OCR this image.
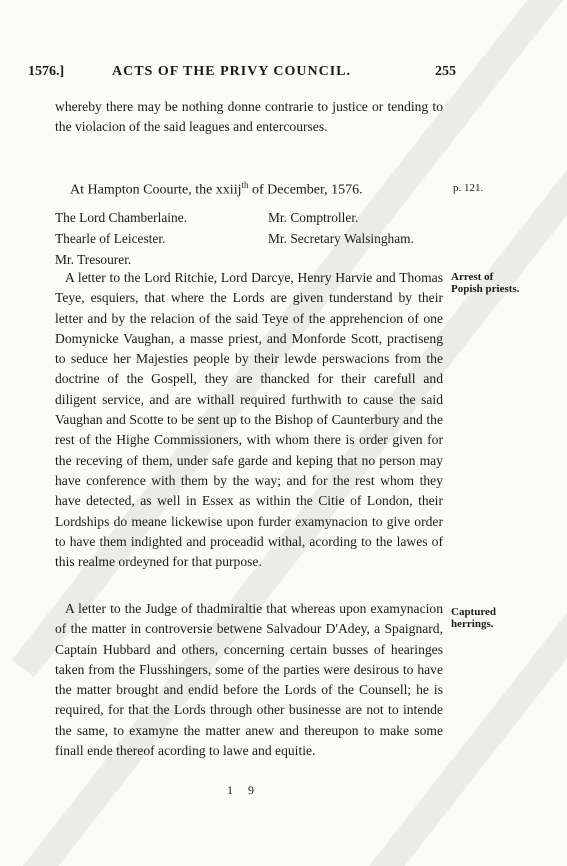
1576.]	ACTS OF THE PRIVY COUNCIL.	255

whereby there may be nothing donne contrarie to justice or tending to the violacion of the said leagues and entercourses.

At Hampton Coourte, the xxiij$^{th}$ of December, 1576.	p. 121.
The Lord Chamberlaine.
Thearle of Leicester.
Mr. Tresourer.
Mr. Comptroller.
Mr. Secretary Walsingham.

A letter to the Lord Ritchie, Lord Darcye, Henry Harvie and Thomas Teye, esquiers, that where the Lords are given tunderstand by their letter and by the relacion of the said Teye of the apprehencion of one Domynicke Vaughan, a masse priest, and Monforde Scott, practiseng to seduce her Majesties people by their lewde perswacions from the doctrine of the Gospell, they are thancked for their carefull and diligent service, and are withall required furthwith to cause the said Vaughan and Scotte to be sent up to the Bishop of Caunterbury and the rest of the Highe Commissioners, with whom there is order given for the receving of them, under safe garde and keping that no person may have conference with them by the way; and for the rest whom they have detected, as well in Essex as within the Citie of London, their Lordships do meane lickewise upon furder examynacion to give order to have them indighted and proceadid withal, acording to the lawes of this realme ordeyned for that purpose.

Arrest of
Popish priests.

A letter to the Judge of thadmiraltie that whereas upon examynacion of the matter in controversie betwene Salvadour D'Adey, a Spaignard, Captain Hubbard and others, concerning certain busses of hearinges taken from the Flusshingers, some of the parties were desirous to have the matter brought and endid before the Lords of the Counsell; he is required, for that the Lords through other businesse are not to intende the same, to examyne the matter anew and thereupon to make some finall ende thereof acording to lawe and equitie.

Captured
herrings.
1 9
